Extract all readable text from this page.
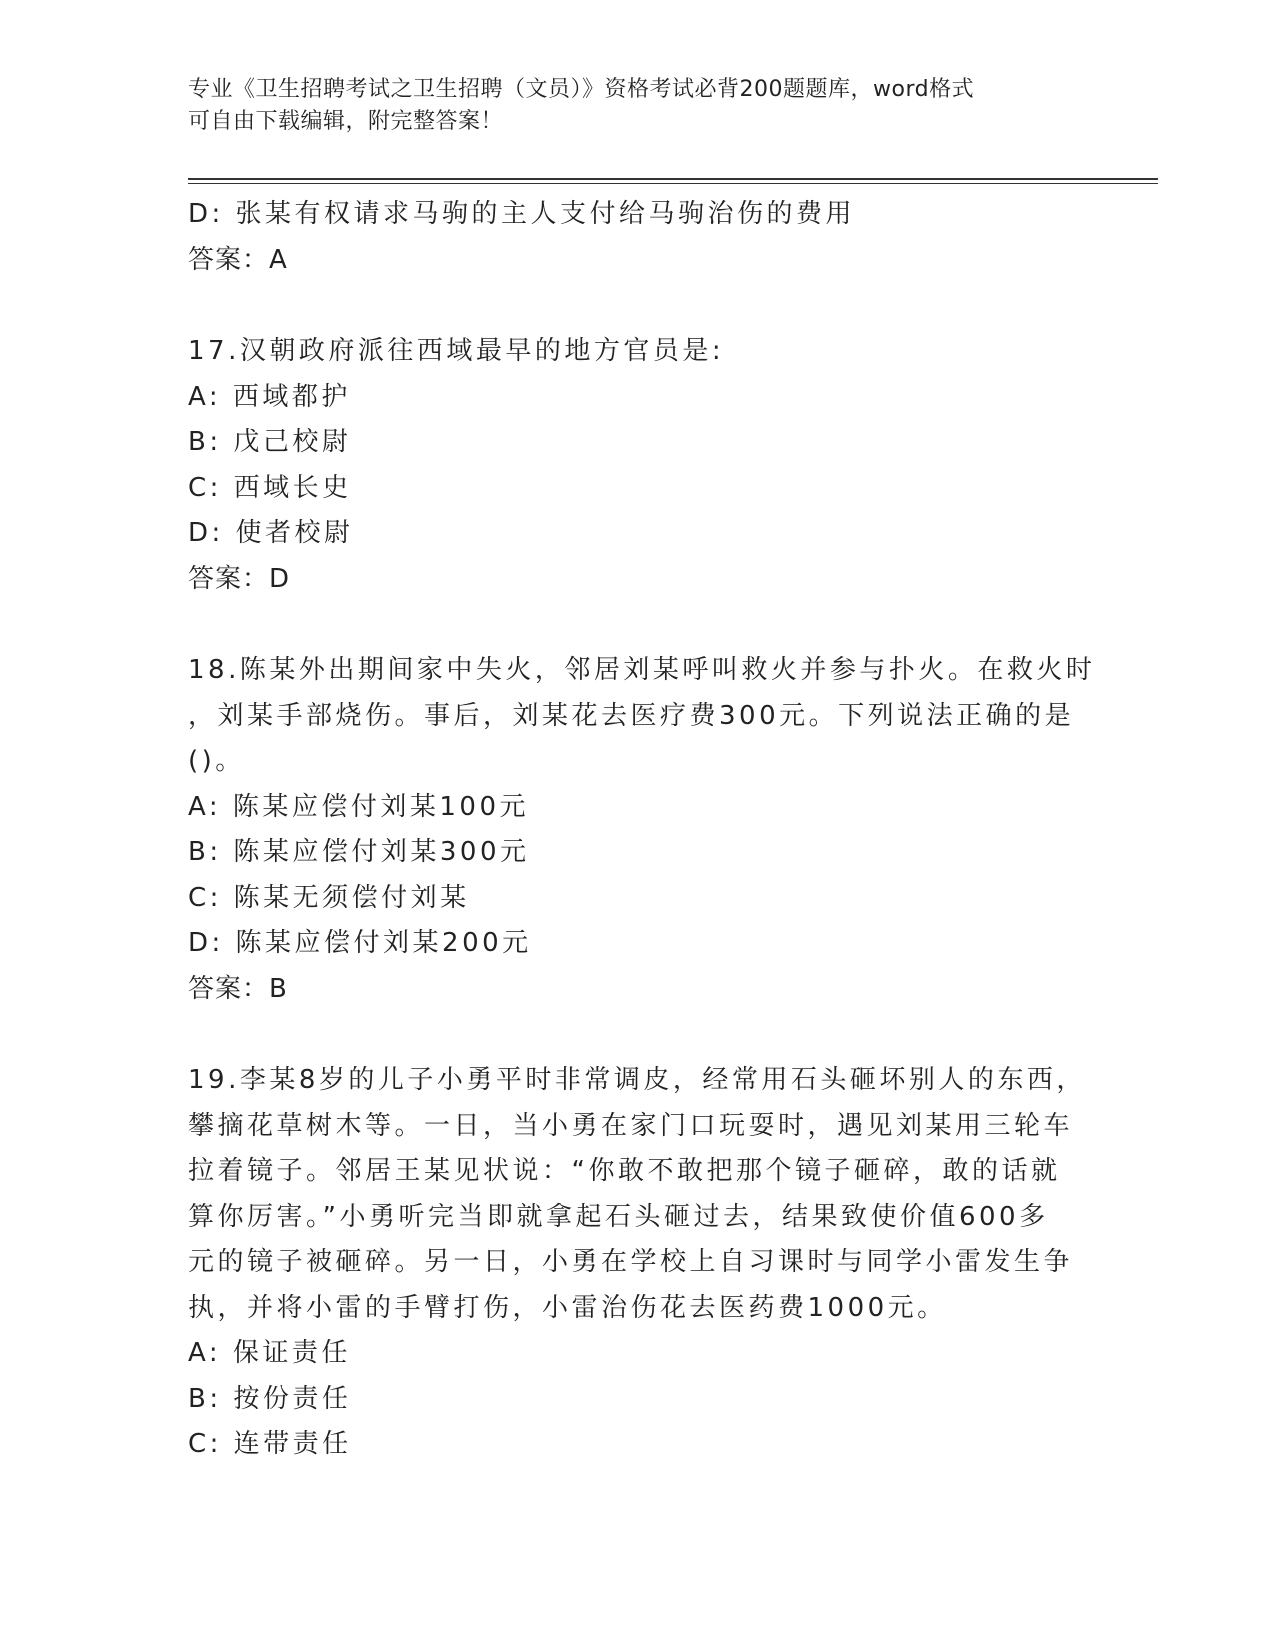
专业《卫生招聘考试之卫生招聘（文员）》资格考试必背200题题库，word格式
可自由下载编辑，附完整答案！
D: 张某有权请求马驹的主人支付给马驹治伤的费用
答案：A
17.汉朝政府派往西域最早的地方官员是:
A: 西域都护
B: 戊己校尉
C: 西域长史
D: 使者校尉
答案：D
18.陈某外出期间家中失火，邻居刘某呼叫救火并参与扑火。在救火时
，刘某手部烧伤。事后，刘某花去医疗费300元。下列说法正确的是
()。
A: 陈某应偿付刘某100元
B: 陈某应偿付刘某300元
C: 陈某无须偿付刘某
D: 陈某应偿付刘某200元
答案：B
19.李某8岁的儿子小勇平时非常调皮，经常用石头砸坏别人的东西，
攀摘花草树木等。一日，当小勇在家门口玩耍时，遇见刘某用三轮车
拉着镜子。邻居王某见状说：“你敢不敢把那个镜子砸碎，敢的话就
算你厉害。”小勇听完当即就拿起石头砸过去，结果致使价值600多
元的镜子被砸碎。另一日，小勇在学校上自习课时与同学小雷发生争
执，并将小雷的手臂打伤，小雷治伤花去医药费1000元。
A: 保证责任
B: 按份责任
C: 连带责任
